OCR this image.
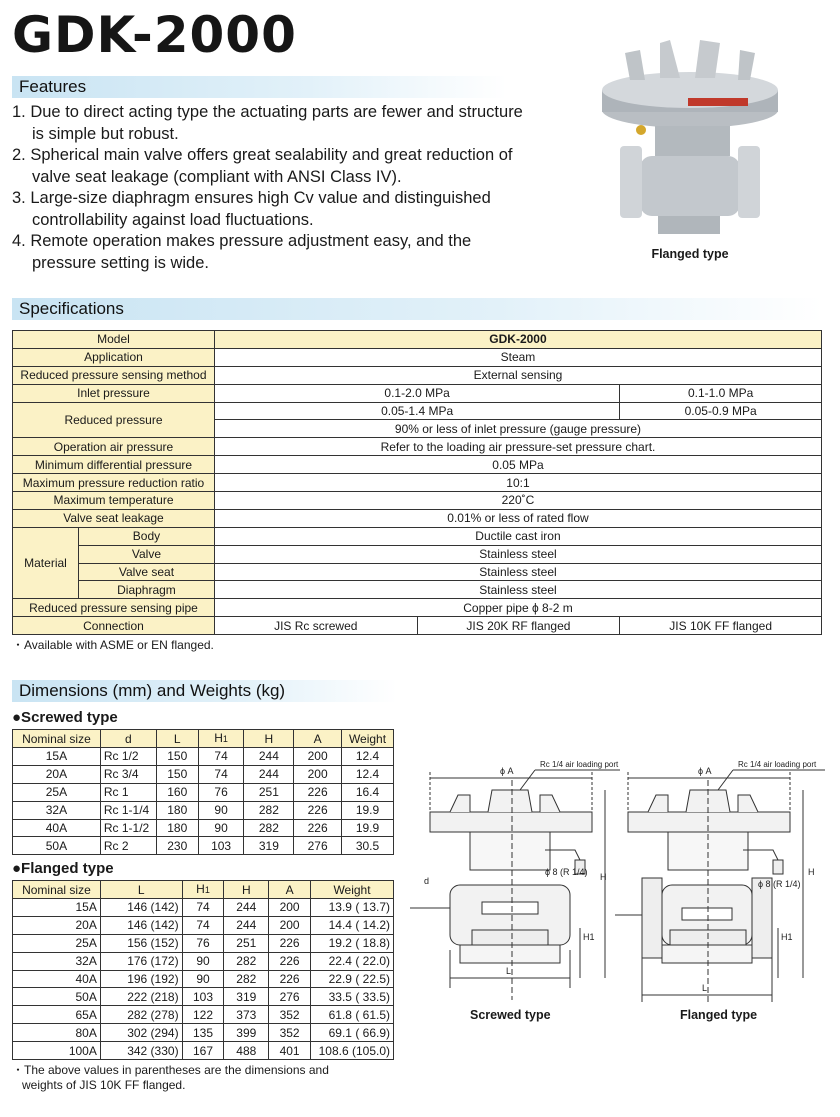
GDK-2000
Features
1. Due to direct acting type the actuating parts are fewer and structure is simple but robust.
2. Spherical main valve offers great sealability and great reduction of valve seat leakage (compliant with ANSI Class IV).
3. Large-size diaphragm ensures high Cv value and distinguished controllability against load fluctuations.
4. Remote operation makes pressure adjustment easy, and the pressure setting is wide.	Flanged type
Specifications
Model		GDK-2000		
Application		Steam		
Reduced pressure sensing method		External sensing		
Inlet pressure		0.1-2.0 MPa		0.1-1.0 MPa
Reduced pressure		0.05-1.4 MPa		0.05-0.9 MPa
		90% or less of inlet pressure (gauge pressure)		
Operation air pressure		Refer to the loading air pressure-set pressure chart.		
Minimum differential pressure		0.05 MPa		
Maximum pressure reduction ratio		10:1		
Maximum temperature		220˚C		
Valve seat leakage		0.01% or less of rated flow		
Material	Body	Ductile cast iron		
	Valve	Stainless steel		
	Valve seat	Stainless steel		
	Diaphragm	Stainless steel		
Reduced pressure sensing pipe		Copper pipe ϕ 8-2 m		
Connection		JIS Rc screwed	JIS 20K RF flanged	JIS 10K FF flanged
・Available with ASME or EN flanged.
Dimensions (mm) and Weights (kg)
●Screwed type
Nominal size	d	L	H1	H	A	Weight
15A	Rc 1/2	150	74	244	200	12.4
20A	Rc 3/4	150	74	244	200	12.4
25A	Rc 1	160	76	251	226	16.4
32A	Rc 1-1/4	180	90	282	226	19.9
40A	Rc 1-1/2	180	90	282	226	19.9
50A	Rc 2	230	103	319	276	30.5
●Flanged type
Nominal size	L	H1	H	A	Weight
15A	146 (142)	74	244	200	13.9 ( 13.7)
20A	146 (142)	74	244	200	14.4 ( 14.2)
25A	156 (152)	76	251	226	19.2 ( 18.8)
32A	176 (172)	90	282	226	22.4 ( 22.0)
40A	196 (192)	90	282	226	22.9 ( 22.5)
50A	222 (218)	103	319	276	33.5 ( 33.5)
65A	282 (278)	122	373	352	61.8 ( 61.5)
80A	302 (294)	135	399	352	69.1 ( 66.9)
100A	342 (330)	167	488	401	108.6 (105.0)
・The above values in parentheses are the dimensions and
weights of JIS 10K FF flanged.
ϕ A
Rc 1/4 air loading port
ϕ 8 (R 1/4) H
H1
L
d
ϕ A
Rc 1/4 air loading port
ϕ 8 (R 1/4)
H
H1
L
Screwed type	Flanged type
